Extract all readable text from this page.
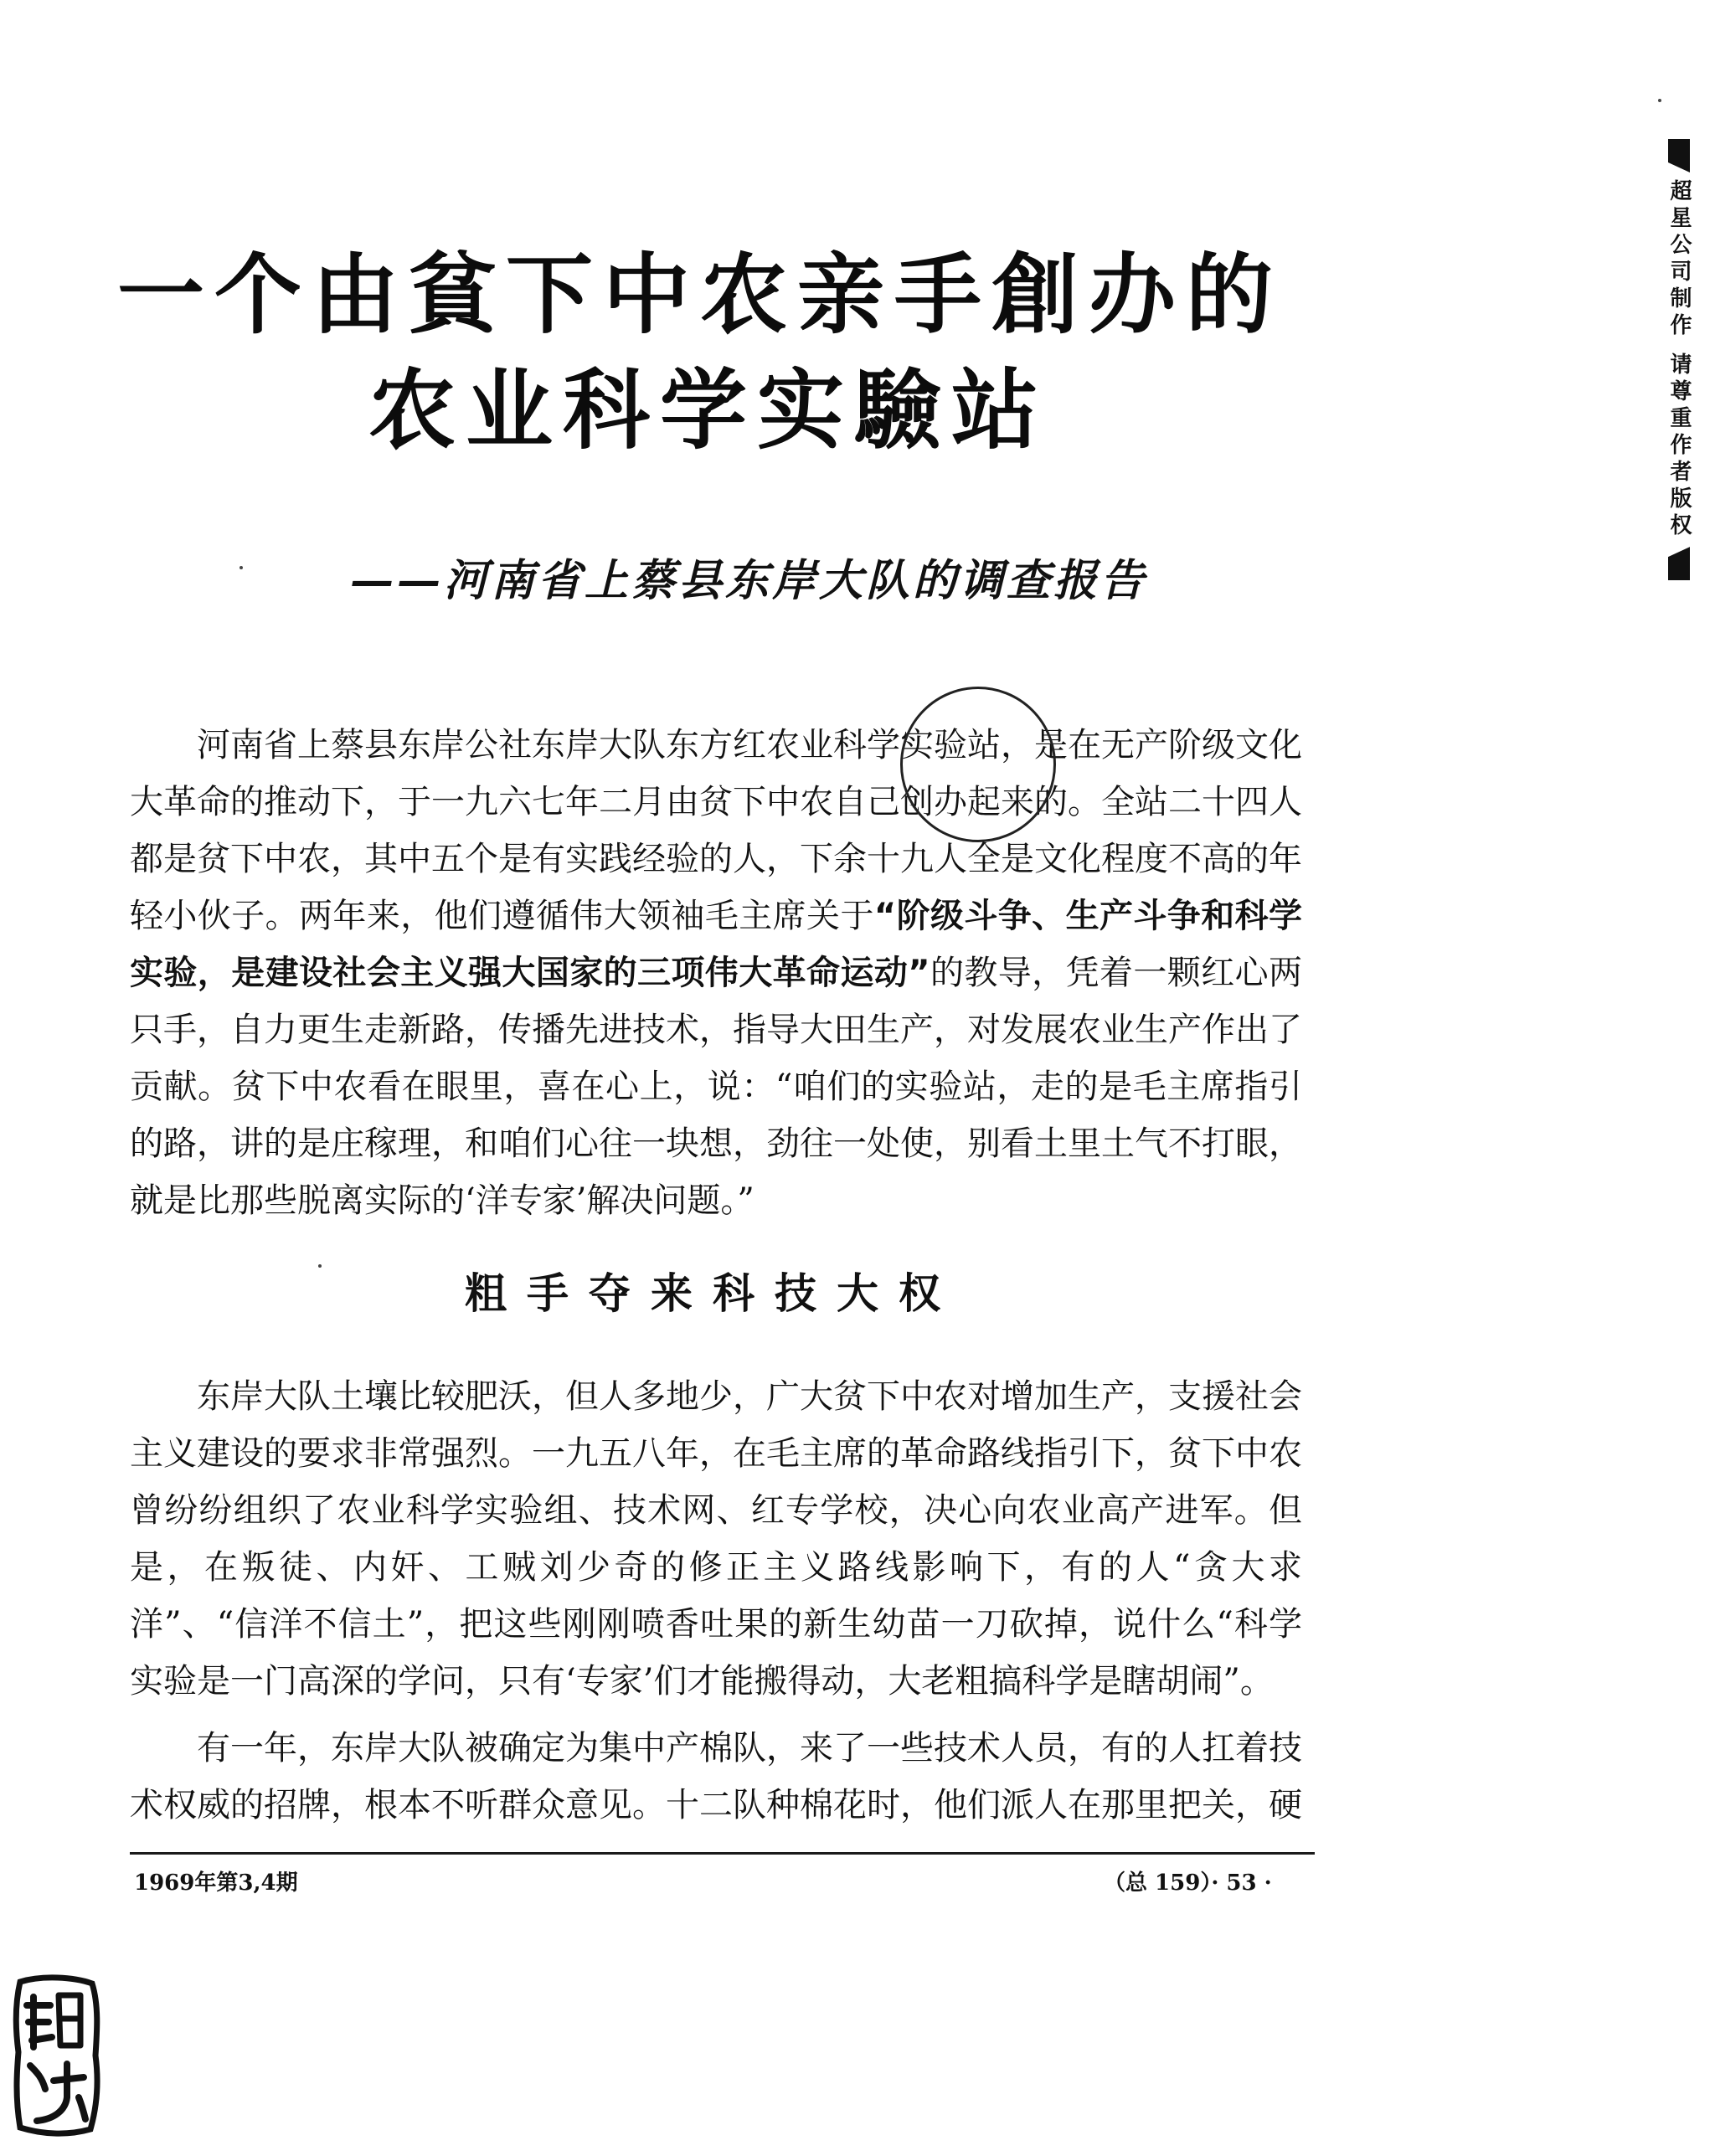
一个由貧下中农亲手創办的
农业科学实驗站
——河南省上蔡县东岸大队的调查报告

河南省上蔡县东岸公社东岸大队东方红农业科学实验站，是在无产阶级文化大革命的推动下，于一九六七年二月由贫下中农自己创办起来的。全站二十四人都是贫下中农，其中五个是有实践经验的人，下余十九人全是文化程度不高的年轻小伙子。两年来，他们遵循伟大领袖毛主席关于“阶级斗争、生产斗争和科学实验，是建设社会主义强大国家的三项伟大革命运动”的教导，凭着一颗红心两只手，自力更生走新路，传播先进技术，指导大田生产，对发展农业生产作出了贡献。贫下中农看在眼里，喜在心上，说：“咱们的实验站，走的是毛主席指引的路，讲的是庄稼理，和咱们心往一块想，劲往一处使，别看土里土气不打眼，就是比那些脱离实际的‘洋专家’解决问题。”

粗手夺来科技大权

东岸大队土壤比较肥沃，但人多地少，广大贫下中农对增加生产，支援社会主义建设的要求非常强烈。一九五八年，在毛主席的革命路线指引下，贫下中农曾纷纷组织了农业科学实验组、技术网、红专学校，决心向农业高产进军。但是，在叛徒、内奸、工贼刘少奇的修正主义路线影响下，有的人“贪大求洋”、“信洋不信土”，把这些刚刚喷香吐果的新生幼苗一刀砍掉，说什么“科学实验是一门高深的学问，只有‘专家’们才能搬得动，大老粗搞科学是瞎胡闹”。

有一年，东岸大队被确定为集中产棉队，来了一些技术人员，有的人扛着技术权威的招牌，根本不听群众意见。十二队种棉花时，他们派人在那里把关，硬

1969年第3,4期	（总 159）· 53 ·
超星公司制作 请尊重作者版权
